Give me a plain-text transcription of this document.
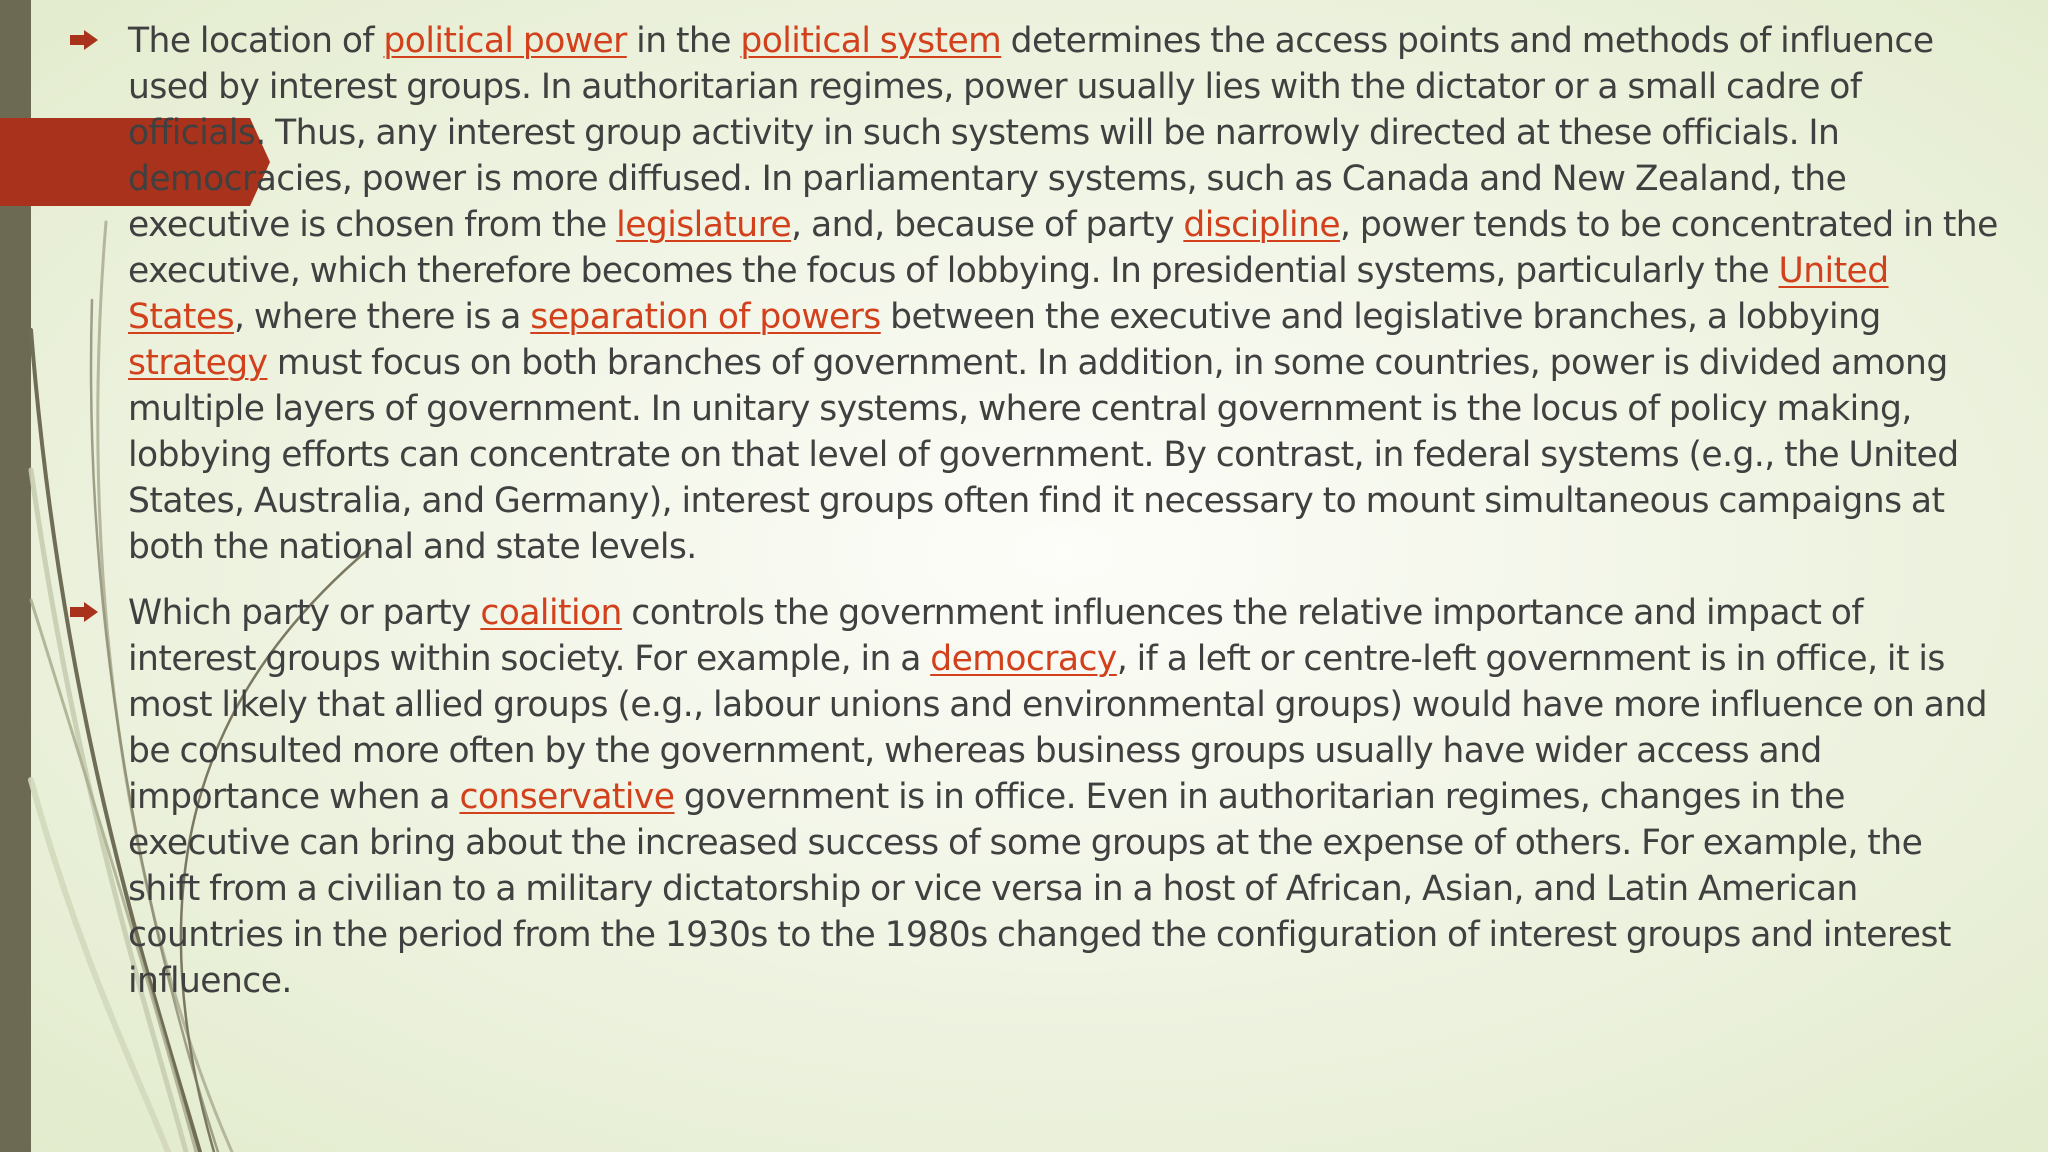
The location of political power in the political system determines the access points and methods of influence used by interest groups. In authoritarian regimes, power usually lies with the dictator or a small cadre of officials. Thus, any interest group activity in such systems will be narrowly directed at these officials. In democracies, power is more diffused. In parliamentary systems, such as Canada and New Zealand, the executive is chosen from the legislature, and, because of party discipline, power tends to be concentrated in the executive, which therefore becomes the focus of lobbying. In presidential systems, particularly the United States, where there is a separation of powers between the executive and legislative branches, a lobbying strategy must focus on both branches of government. In addition, in some countries, power is divided among multiple layers of government. In unitary systems, where central government is the locus of policy making, lobbying efforts can concentrate on that level of government. By contrast, in federal systems (e.g., the United States, Australia, and Germany), interest groups often find it necessary to mount simultaneous campaigns at both the national and state levels.
Which party or party coalition controls the government influences the relative importance and impact of interest groups within society. For example, in a democracy, if a left or centre-left government is in office, it is most likely that allied groups (e.g., labour unions and environmental groups) would have more influence on and be consulted more often by the government, whereas business groups usually have wider access and importance when a conservative government is in office. Even in authoritarian regimes, changes in the executive can bring about the increased success of some groups at the expense of others. For example, the shift from a civilian to a military dictatorship or vice versa in a host of African, Asian, and Latin American countries in the period from the 1930s to the 1980s changed the configuration of interest groups and interest influence.
